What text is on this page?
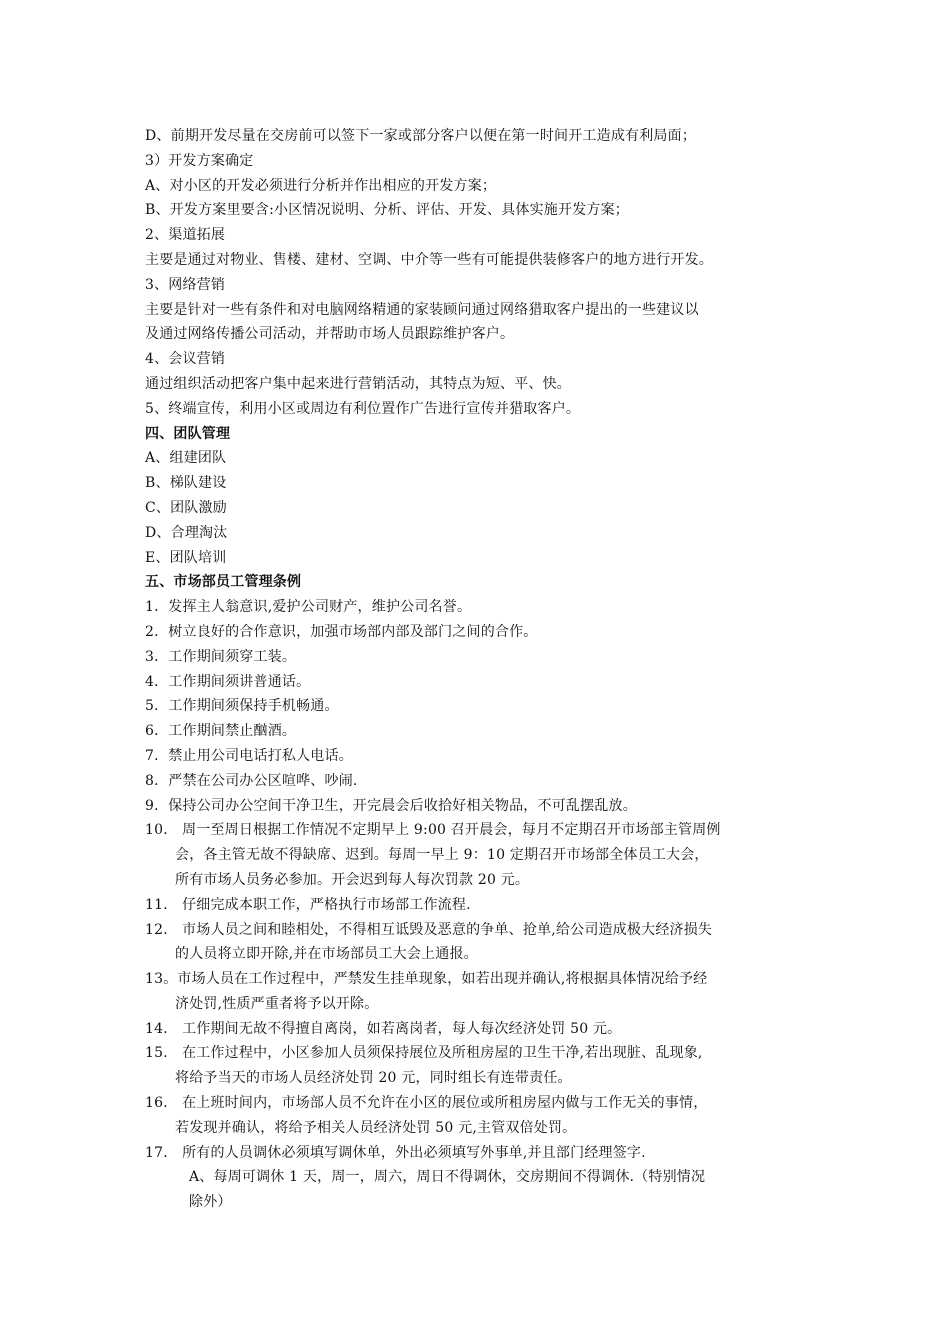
D、前期开发尽量在交房前可以签下一家或部分客户以便在第一时间开工造成有利局面；
3）开发方案确定
A、对小区的开发必须进行分析并作出相应的开发方案；
B、开发方案里要含:小区情况说明、分析、评估、开发、具体实施开发方案；
2、渠道拓展
主要是通过对物业、售楼、建材、空调、中介等一些有可能提供装修客户的地方进行开发。
3、网络营销
主要是针对一些有条件和对电脑网络精通的家装顾问通过网络猎取客户提出的一些建议以
及通过网络传播公司活动，并帮助市场人员跟踪维护客户。
4、会议营销
通过组织活动把客户集中起来进行营销活动，其特点为短、平、快。
5、终端宣传，利用小区或周边有利位置作广告进行宣传并猎取客户。
四、团队管理
A、组建团队
B、梯队建设
C、团队激励
D、合理淘汰
E、团队培训
五、市场部员工管理条例
1．发挥主人翁意识,爱护公司财产，维护公司名誉。
2．树立良好的合作意识，加强市场部内部及部门之间的合作。
3．工作期间须穿工装。
4．工作期间须讲普通话。
5．工作期间须保持手机畅通。
6．工作期间禁止酗酒。
7．禁止用公司电话打私人电话。
8．严禁在公司办公区喧哗、吵闹.
9．保持公司办公空间干净卫生，开完晨会后收拾好相关物品，不可乱摆乱放。
10． 周一至周日根据工作情况不定期早上 9:00 召开晨会，每月不定期召开市场部主管周例
会，各主管无故不得缺席、迟到。每周一早上 9：10 定期召开市场部全体员工大会，
所有市场人员务必参加。开会迟到每人每次罚款 20 元。
11． 仔细完成本职工作，严格执行市场部工作流程.
12． 市场人员之间和睦相处，不得相互诋毁及恶意的争单、抢单,给公司造成极大经济损失
的人员将立即开除,并在市场部员工大会上通报。
13。市场人员在工作过程中，严禁发生挂单现象，如若出现并确认,将根据具体情况给予经
济处罚,性质严重者将予以开除。
14． 工作期间无故不得擅自离岗，如若离岗者，每人每次经济处罚 50 元。
15． 在工作过程中，小区参加人员须保持展位及所租房屋的卫生干净,若出现脏、乱现象,
将给予当天的市场人员经济处罚 20 元，同时组长有连带责任。
16． 在上班时间内，市场部人员不允许在小区的展位或所租房屋内做与工作无关的事情，
若发现并确认，将给予相关人员经济处罚 50 元,主管双倍处罚。
17． 所有的人员调休必须填写调休单，外出必须填写外事单,并且部门经理签字.
A、每周可调休 1 天，周一，周六，周日不得调休，交房期间不得调休.（特别情况
除外）
